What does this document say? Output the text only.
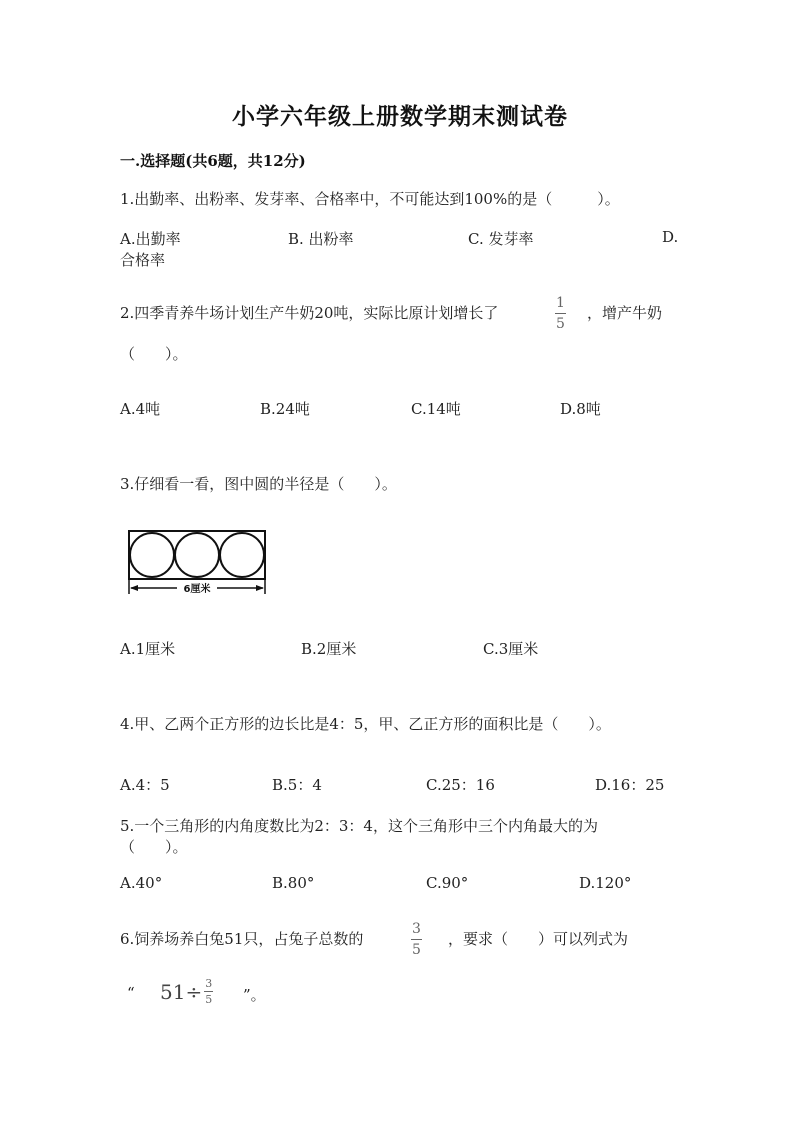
小学六年级上册数学期末测试卷
一.选择题(共6题，共12分)
1.出勤率、出粉率、发芽率、合格率中，不可能达到100%的是（　　　）。
A.出勤率	B. 出粉率	C. 发芽率	D.
合格率
2.四季青养牛场计划生产牛奶20吨，实际比原计划增长了
1
5
，增产牛奶
（　　）。
A.4吨	B.24吨	C.14吨	D.8吨
3.仔细看一看，图中圆的半径是（　　）。
6厘米
A.1厘米	B.2厘米	C.3厘米
4.甲、乙两个正方形的边长比是4：5，甲、乙正方形的面积比是（　　）。
A.4：5	B.5：4	C.25：16	D.16：25
5.一个三角形的内角度数比为2：3：4，这个三角形中三个内角最大的为
（　　）。
A.40°	B.80°	C.90°	D.120°
6.饲养场养白兔51只，占兔子总数的
3
5
，要求（　　）可以列式为
“ $51\div \frac{3}{5}$ ”。
